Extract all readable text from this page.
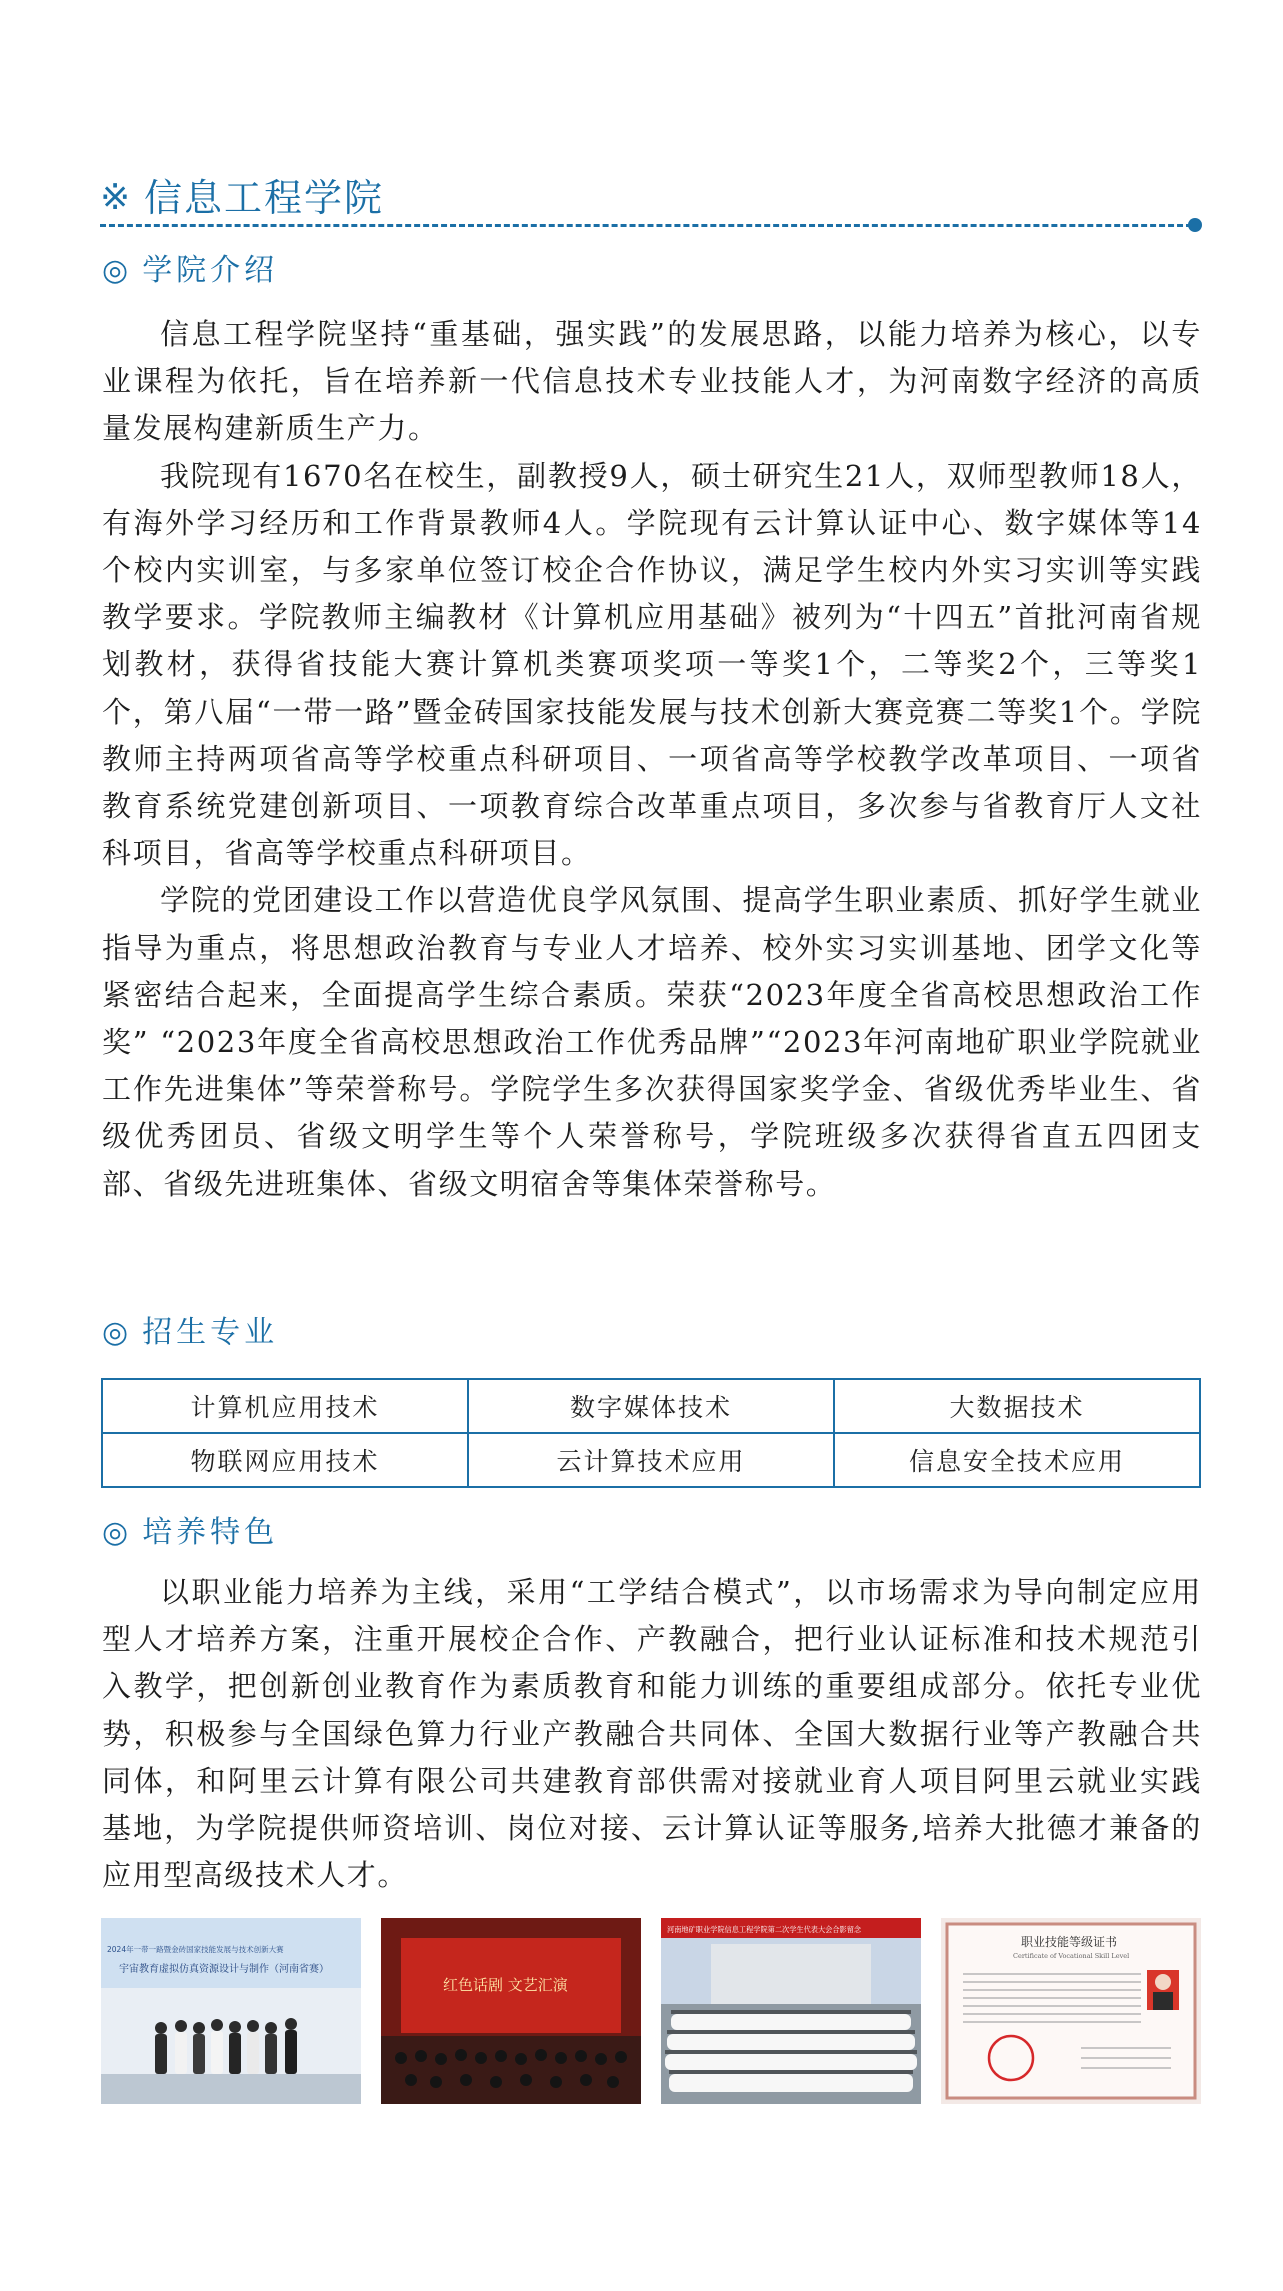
※ 信息工程学院
◎ 学院介绍

信息工程学院坚持“重基础，强实践”的发展思路，以能力培养为核心，以专业课程为依托，旨在培养新一代信息技术专业技能人才，为河南数字经济的高质量发展构建新质生产力。

我院现有1670名在校生，副教授9人，硕士研究生21人，双师型教师18人，有海外学习经历和工作背景教师4人。学院现有云计算认证中心、数字媒体等14个校内实训室，与多家单位签订校企合作协议，满足学生校内外实习实训等实践教学要求。学院教师主编教材《计算机应用基础》被列为“十四五”首批河南省规划教材，获得省技能大赛计算机类赛项奖项一等奖1个，二等奖2个，三等奖1个，第八届“一带一路”暨金砖国家技能发展与技术创新大赛竞赛二等奖1个。学院教师主持两项省高等学校重点科研项目、一项省高等学校教学改革项目、一项省教育系统党建创新项目、一项教育综合改革重点项目，多次参与省教育厅人文社科项目，省高等学校重点科研项目。

学院的党团建设工作以营造优良学风氛围、提高学生职业素质、抓好学生就业指导为重点，将思想政治教育与专业人才培养、校外实习实训基地、团学文化等紧密结合起来，全面提高学生综合素质。荣获“2023年度全省高校思想政治工作奖” “2023年度全省高校思想政治工作优秀品牌”“2023年河南地矿职业学院就业工作先进集体”等荣誉称号。学院学生多次获得国家奖学金、省级优秀毕业生、省级优秀团员、省级文明学生等个人荣誉称号，学院班级多次获得省直五四团支部、省级先进班集体、省级文明宿舍等集体荣誉称号。

◎ 招生专业
计算机应用技术	数字媒体技术	大数据技术
物联网应用技术	云计算技术应用	信息安全技术应用
◎ 培养特色

以职业能力培养为主线，采用“工学结合模式”，以市场需求为导向制定应用型人才培养方案，注重开展校企合作、产教融合，把行业认证标准和技术规范引入教学，把创新创业教育作为素质教育和能力训练的重要组成部分。依托专业优势，积极参与全国绿色算力行业产教融合共同体、全国大数据行业等产教融合共同体，和阿里云计算有限公司共建教育部供需对接就业育人项目阿里云就业实践基地，为学院提供师资培训、岗位对接、云计算认证等服务,培养大批德才兼备的应用型高级技术人才。

2024年一带一路暨金砖国家技能发展与技术创新大赛
宇宙教育虚拟仿真资源设计与制作（河南省赛）
红色话剧 文艺汇演
河南地矿职业学院信息工程学院第二次学生代表大会合影留念
职业技能等级证书
Certificate of Vocational Skill Level
